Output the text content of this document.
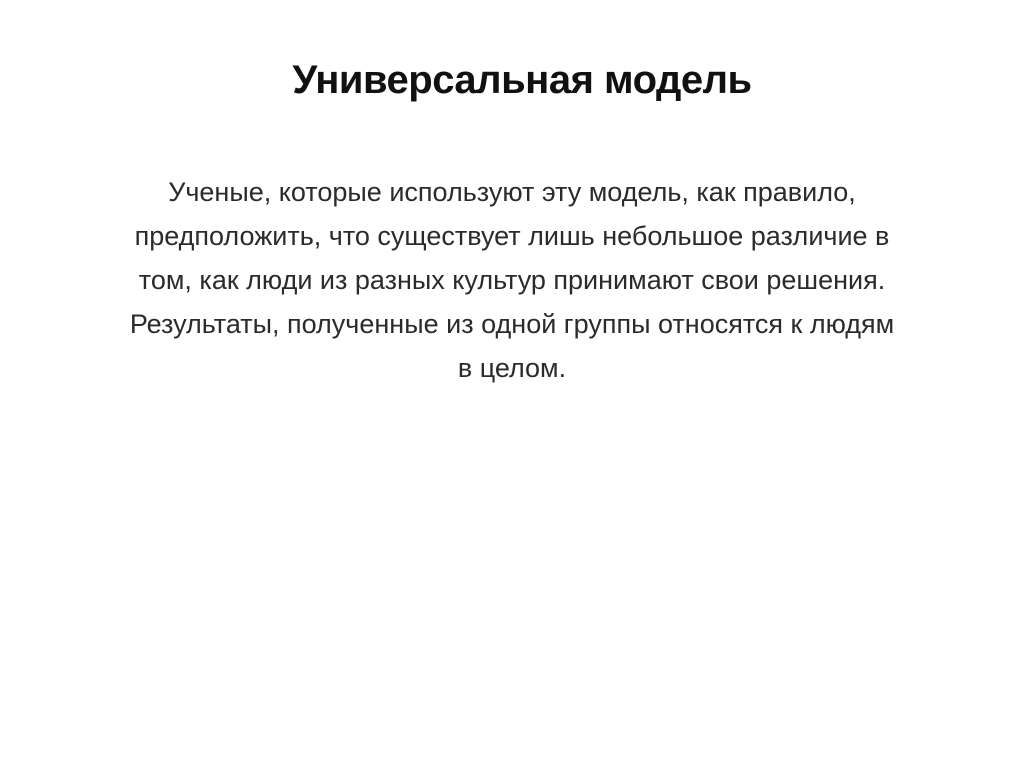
Универсальная модель
Ученые, которые используют эту модель, как правило,
предположить, что существует лишь небольшое различие в
том, как люди из разных культур принимают свои решения.
Результаты, полученные из одной группы относятся к людям
в целом.
